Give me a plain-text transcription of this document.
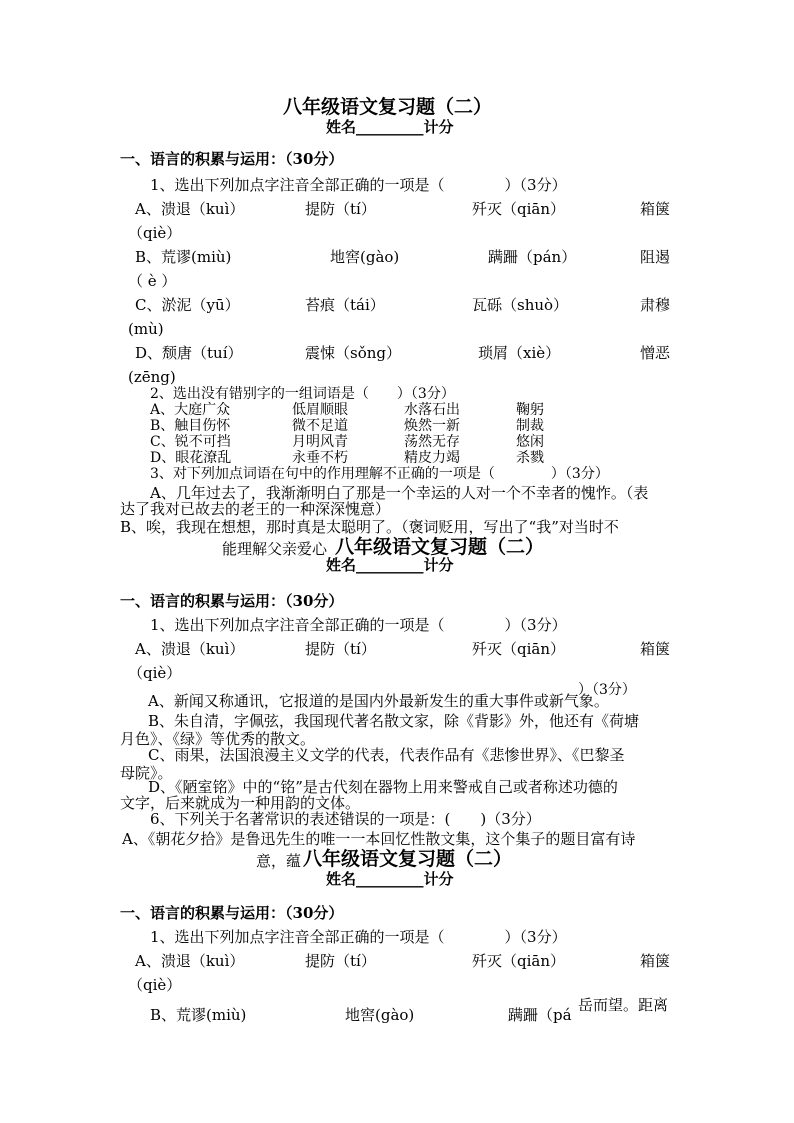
八年级语文复习题（二）
姓名_________计分
一、语言的积累与运用：（30分）
1、选出下列加点字注音全部正确的一项是（　　　　）（3分）
A、溃退（kuì）	提防（tí）	歼灭（qiān）	箱箧
（qiè）
B、荒谬(miù)	地窖(gào)	蹒跚（pán）	阻遏
（ è ）
C、淤泥（yū）	苔痕（tái）	瓦砾（shuò）	肃穆
(mù)
D、颓唐（tuí）	震悚（sǒng）	琐屑（xiè）	憎恶
(zēng)
2、选出没有错别字的一组词语是（　　）（3分）
A、大庭广众	低眉顺眼	水落石出	鞠躬
B、触目伤怀	微不足道	焕然一新	制裁
C、锐不可挡	月明风青	荡然无存	悠闲
D、眼花潦乱	永垂不朽	精皮力竭	杀戮
3、对下列加点词语在句中的作用理解不正确的一项是（　　　　）（3分）
A、几年过去了，我渐渐明白了那是一个幸运的人对一个不幸者的愧怍。（表
达了我对已故去的老王的一种深深愧意）
B、唉，我现在想想，那时真是太聪明了。（褒词贬用，写出了“我”对当时不
能理解父亲爱心 八年级语文复习题（二）
姓名_________计分
一、语言的积累与运用：（30分）
1、选出下列加点字注音全部正确的一项是（　　　　）（3分）
A、溃退（kuì）	提防（tí）	歼灭（qiān）	箱箧
（qiè）
）（3分）
A、新闻又称通讯，它报道的是国内外最新发生的重大事件或新气象。
B、朱自清，字佩弦，我国现代著名散文家，除《背影》外，他还有《荷塘
月色》、《绿》等优秀的散文。
C、雨果，法国浪漫主义文学的代表，代表作品有《悲惨世界》、《巴黎圣
母院》。
D、《陋室铭》中的“铭”是古代刻在器物上用来警戒自己或者称述功德的
文字，后来就成为一种用韵的文体。
6、下列关于名著常识的表述错误的一项是：(　　)（3分）
A、《朝花夕拾》是鲁迅先生的唯一一本回忆性散文集，这个集子的题目富有诗
意，蕴 八年级语文复习题（二）
姓名_________计分
一、语言的积累与运用：（30分）
1、选出下列加点字注音全部正确的一项是（　　　　）（3分）
A、溃退（kuì）	提防（tí）	歼灭（qiān）	箱箧
（qiè）
B、荒谬(miù)	地窖(gào)	蹒跚（pá
岳而望。距离
